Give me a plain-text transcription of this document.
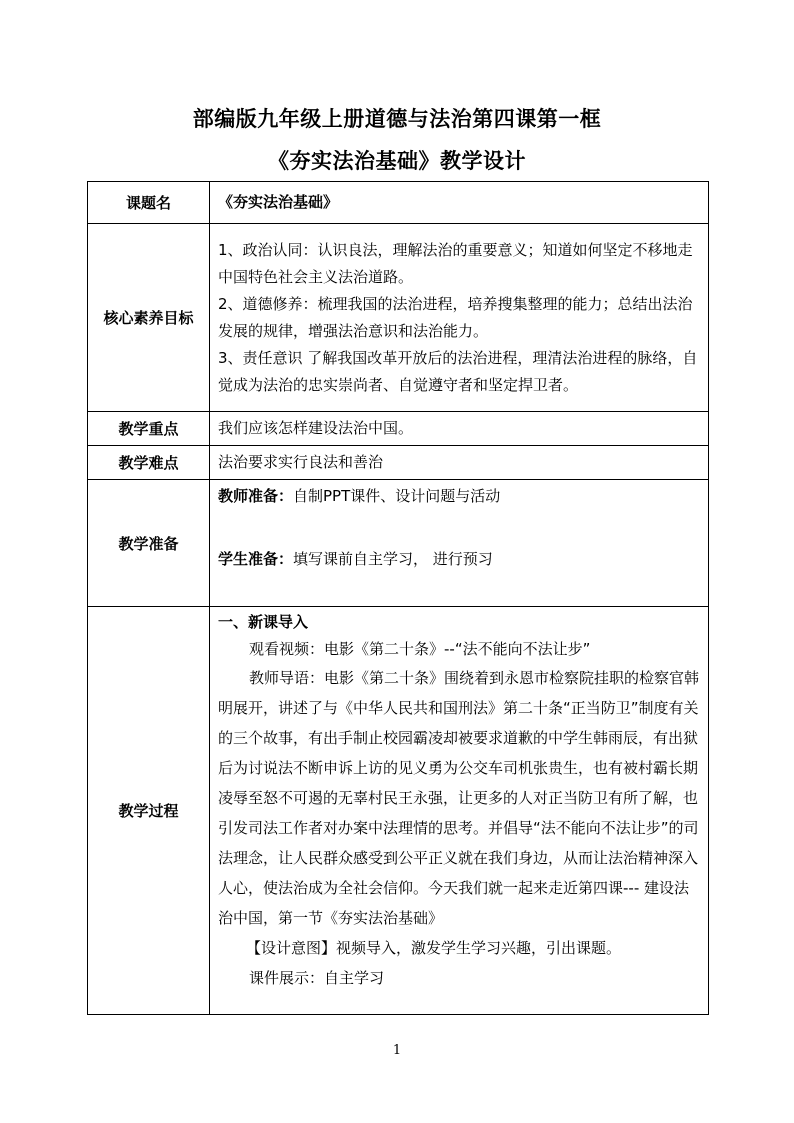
部编版九年级上册道德与法治第四课第一框
《夯实法治基础》教学设计
课题名	《夯实法治基础》
核心素养目标	1、政治认同：认识良法，理解法治的重要意义；知道如何坚定不移地走中国特色社会主义法治道路。

2、道德修养：梳理我国的法治进程，培养搜集整理的能力；总结出法治发展的规律，增强法治意识和法治能力。

3、责任意识 了解我国改革开放后的法治进程，理清法治进程的脉络，自觉成为法治的忠实崇尚者、自觉遵守者和坚定捍卫者。

教学重点	我们应该怎样建设法治中国。
教学难点	法治要求实行良法和善治
教学准备	教师准备：自制PPT课件、设计问题与活动

学生准备：填写课前自主学习， 进行预习

教学过程	一、新课导入

观看视频：电影《第二十条》--“法不能向不法让步”

教师导语：电影《第二十条》围绕着到永恩市检察院挂职的检察官韩明展开，讲述了与《中华人民共和国刑法》第二十条“正当防卫”制度有关的三个故事，有出手制止校园霸凌却被要求道歉的中学生韩雨辰，有出狱后为讨说法不断申诉上访的见义勇为公交车司机张贵生，也有被村霸长期凌辱至怒不可遏的无辜村民王永强，让更多的人对正当防卫有所了解，也引发司法工作者对办案中法理情的思考。并倡导“法不能向不法让步”的司法理念，让人民群众感受到公平正义就在我们身边，从而让法治精神深入人心，使法治成为全社会信仰。今天我们就一起来走近第四课--- 建设法治中国，第一节《夯实法治基础》

【设计意图】视频导入，激发学生学习兴趣，引出课题。

课件展示：自主学习

1
